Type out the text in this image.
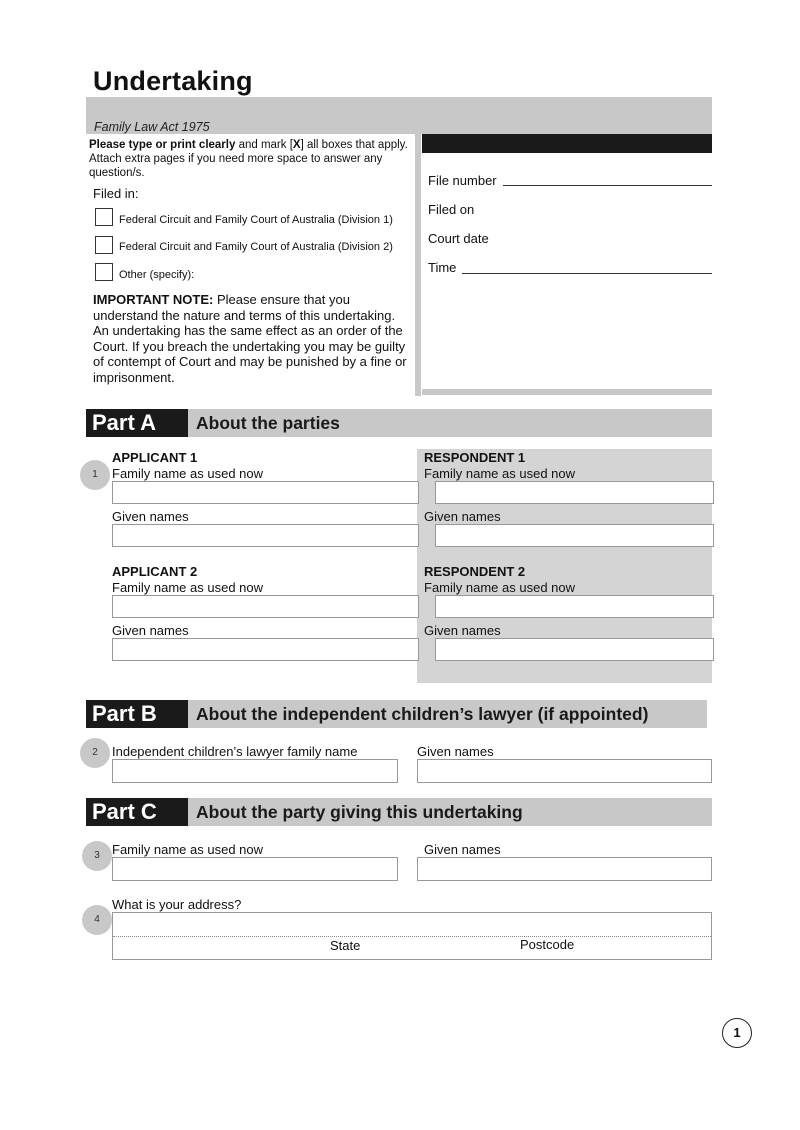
Undertaking
Family Law Act 1975
Please type or print clearly and mark [X] all boxes that apply. Attach extra pages if you need more space to answer any question/s.
Filed in:
Federal Circuit and Family Court of Australia (Division 1)
Federal Circuit and Family Court of Australia (Division 2)
Other (specify):
IMPORTANT NOTE: Please ensure that you understand the nature and terms of this undertaking. An undertaking has the same effect as an order of the Court. If you breach the undertaking you may be guilty of contempt of Court and may be punished by a fine or imprisonment.
File number
Filed on
Court date
Time
Part A	About the parties
1
APPLICANT 1
Family name as used now
Given names
RESPONDENT 1
Family name as used now
Given names
APPLICANT 2
Family name as used now
Given names
RESPONDENT 2
Family name as used now
Given names
Part B	About the independent children’s lawyer (if appointed)
2	Independent children’s lawyer family name	Given names
Part C	About the party giving this undertaking
3 Family name as used now	Given names
4
What is your address?
State	Postcode
1
